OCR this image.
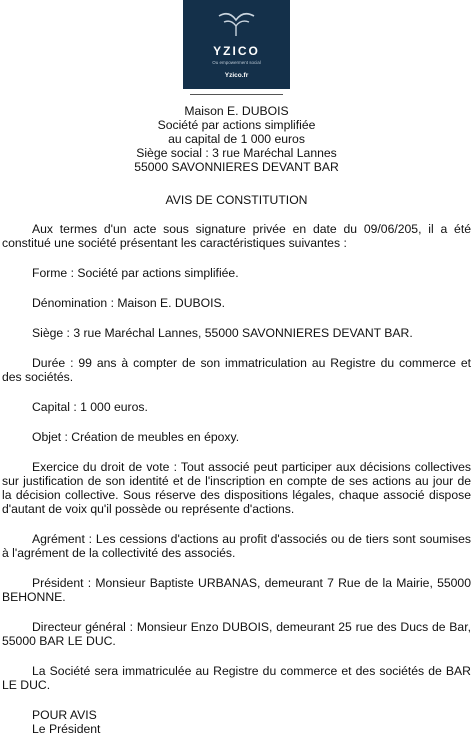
YZICO
Ou empowerment social
Yzico.fr
Maison E. DUBOIS
Société par actions simplifiée
au capital de 1 000 euros
Siège social : 3 rue Maréchal Lannes
55000 SAVONNIERES DEVANT BAR
AVIS DE CONSTITUTION

Aux termes d'un acte sous signature privée en date du 09/06/205, il a été constitué une société présentant les caractéristiques suivantes :

Forme : Société par actions simplifiée.

Dénomination : Maison E. DUBOIS.

Siège : 3 rue Maréchal Lannes, 55000 SAVONNIERES DEVANT BAR.

Durée : 99 ans à compter de son immatriculation au Registre du commerce et des sociétés.

Capital : 1 000 euros.

Objet : Création de meubles en époxy.

Exercice du droit de vote : Tout associé peut participer aux décisions collectives sur justification de son identité et de l'inscription en compte de ses actions au jour de la décision collective. Sous réserve des dispositions légales, chaque associé dispose d'autant de voix qu'il possède ou représente d'actions.

Agrément : Les cessions d'actions au profit d'associés ou de tiers sont soumises à l'agrément de la collectivité des associés.

Président : Monsieur Baptiste URBANAS, demeurant 7 Rue de la Mairie, 55000 BEHONNE.

Directeur général : Monsieur Enzo DUBOIS, demeurant 25 rue des Ducs de Bar, 55000 BAR LE DUC.

La Société sera immatriculée au Registre du commerce et des sociétés de BAR LE DUC.

POUR AVIS

Le Président
